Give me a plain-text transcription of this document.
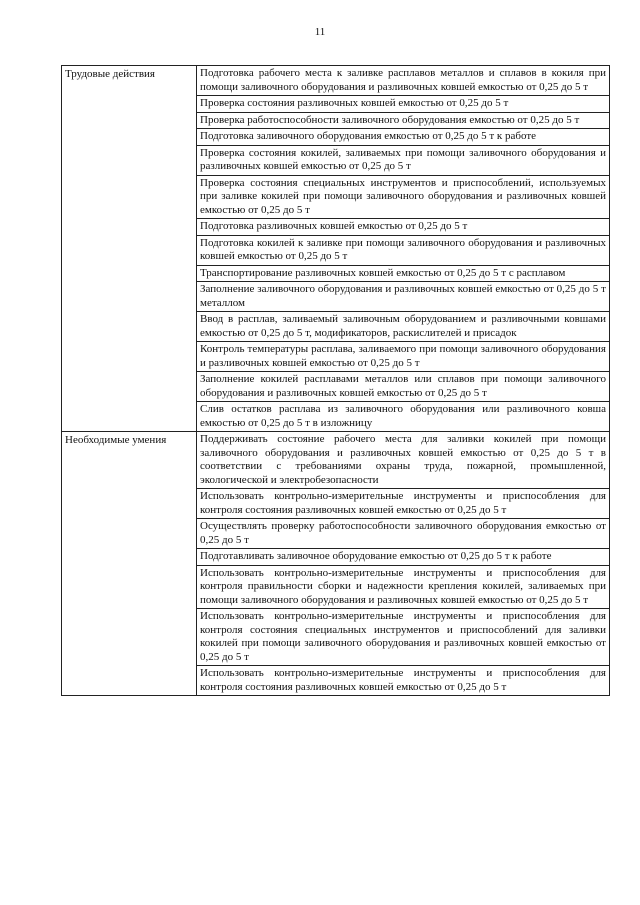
11
Трудовые действия	Подготовка рабочего места к заливке расплавов металлов и сплавов в кокиля при помощи заливочного оборудования и разливочных ковшей емкостью от 0,25 до 5 т
	Проверка состояния разливочных ковшей емкостью от 0,25 до 5 т
	Проверка работоспособности заливочного оборудования емкостью от 0,25 до 5 т
	Подготовка заливочного оборудования емкостью от 0,25 до 5 т к работе
	Проверка состояния кокилей, заливаемых при помощи заливочного оборудования и разливочных ковшей емкостью от 0,25 до 5 т
	Проверка состояния специальных инструментов и приспособлений, используемых при заливке кокилей при помощи заливочного оборудования и разливочных ковшей емкостью от 0,25 до 5 т
	Подготовка разливочных ковшей емкостью от 0,25 до 5 т
	Подготовка кокилей к заливке при помощи заливочного оборудования и разливочных ковшей емкостью от 0,25 до 5 т
	Транспортирование разливочных ковшей емкостью от 0,25 до 5 т с расплавом
	Заполнение заливочного оборудования и разливочных ковшей емкостью от 0,25 до 5 т металлом
	Ввод в расплав, заливаемый заливочным оборудованием и разливочными ковшами емкостью от 0,25 до 5 т, модификаторов, раскислителей и присадок
	Контроль температуры расплава, заливаемого при помощи заливочного оборудования и разливочных ковшей емкостью от 0,25 до 5 т
	Заполнение кокилей расплавами металлов или сплавов при помощи заливочного оборудования и разливочных ковшей емкостью от 0,25 до 5 т
	Слив остатков расплава из заливочного оборудования или разливочного ковша емкостью от 0,25 до 5 т в изложницу
Необходимые умения	Поддерживать состояние рабочего места для заливки кокилей при помощи заливочного оборудования и разливочных ковшей емкостью от 0,25 до 5 т в соответствии с требованиями охраны труда, пожарной, промышленной, экологической и электробезопасности
	Использовать контрольно-измерительные инструменты и приспособления для контроля состояния разливочных ковшей емкостью от 0,25 до 5 т
	Осуществлять проверку работоспособности заливочного оборудования емкостью от 0,25 до 5 т
	Подготавливать заливочное оборудование емкостью от 0,25 до 5 т к работе
	Использовать контрольно-измерительные инструменты и приспособления для контроля правильности сборки и надежности крепления кокилей, заливаемых при помощи заливочного оборудования и разливочных ковшей емкостью от 0,25 до 5 т
	Использовать контрольно-измерительные инструменты и приспособления для контроля состояния специальных инструментов и приспособлений для заливки кокилей при помощи заливочного оборудования и разливочных ковшей емкостью от 0,25 до 5 т
	Использовать контрольно-измерительные инструменты и приспособления для контроля состояния разливочных ковшей емкостью от 0,25 до 5 т
